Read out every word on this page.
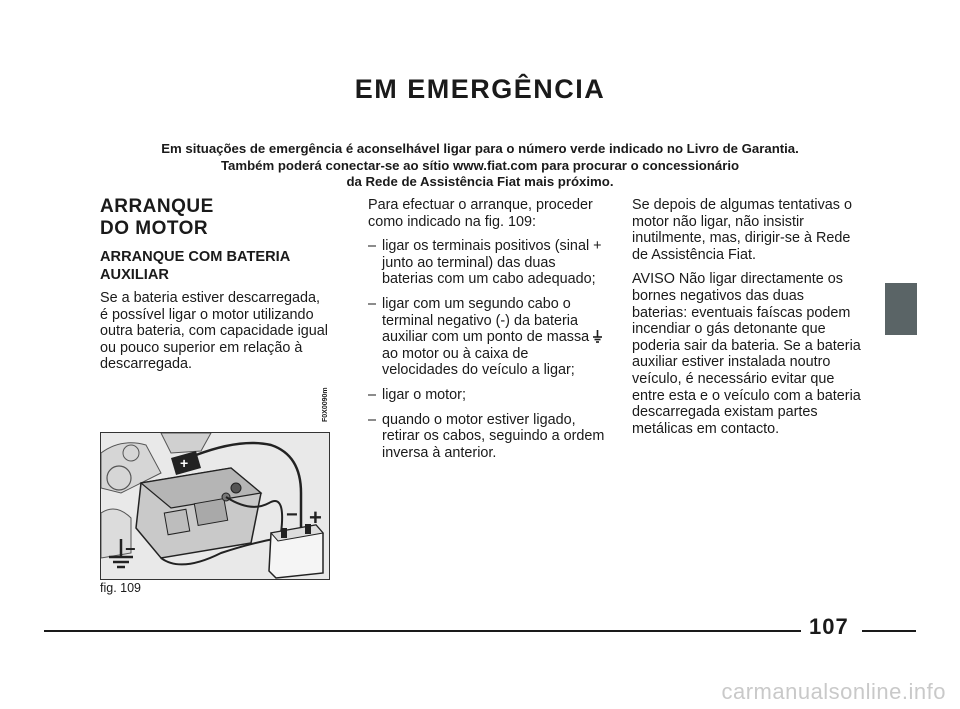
EM EMERGÊNCIA
Em situações de emergência é aconselhável ligar para o número verde indicado no Livro de Garantia.
Também poderá conectar-se ao sítio www.fiat.com para procurar o concessionário
da Rede de Assistência Fiat mais próximo.
ARRANQUE
DO MOTOR
ARRANQUE COM BATERIA
AUXILIAR

Se a bateria estiver descarregada, é possível ligar o motor utilizando outra bateria, com capacidade igual ou pouco superior em relação à descarregada.

+
− +
−
F0X0090m
fig. 109

Para efectuar o arranque, proceder como indicado na fig. 109:

– ligar os terminais positivos (sinal + junto ao terminal) das duas baterias com um cabo adequado;
– ligar com um segundo cabo o terminal negativo (-) da bateria auxiliar com um ponto de massa  ao motor ou à caixa de velocidades do veículo a ligar;
– ligar o motor;
– quando o motor estiver ligado, retirar os cabos, seguindo a ordem inversa à anterior.

Se depois de algumas tentativas o motor não ligar, não insistir inutilmente, mas, dirigir-se à Rede de Assistência Fiat.

AVISO Não ligar directamente os bornes negativos das duas baterias: eventuais faíscas podem incendiar o gás detonante que poderia sair da bateria. Se a bateria auxiliar estiver instalada noutro veículo, é necessário evitar que entre esta e o veículo com a bateria descarregada existam partes metálicas em contacto.

107
carmanualsonline.info
